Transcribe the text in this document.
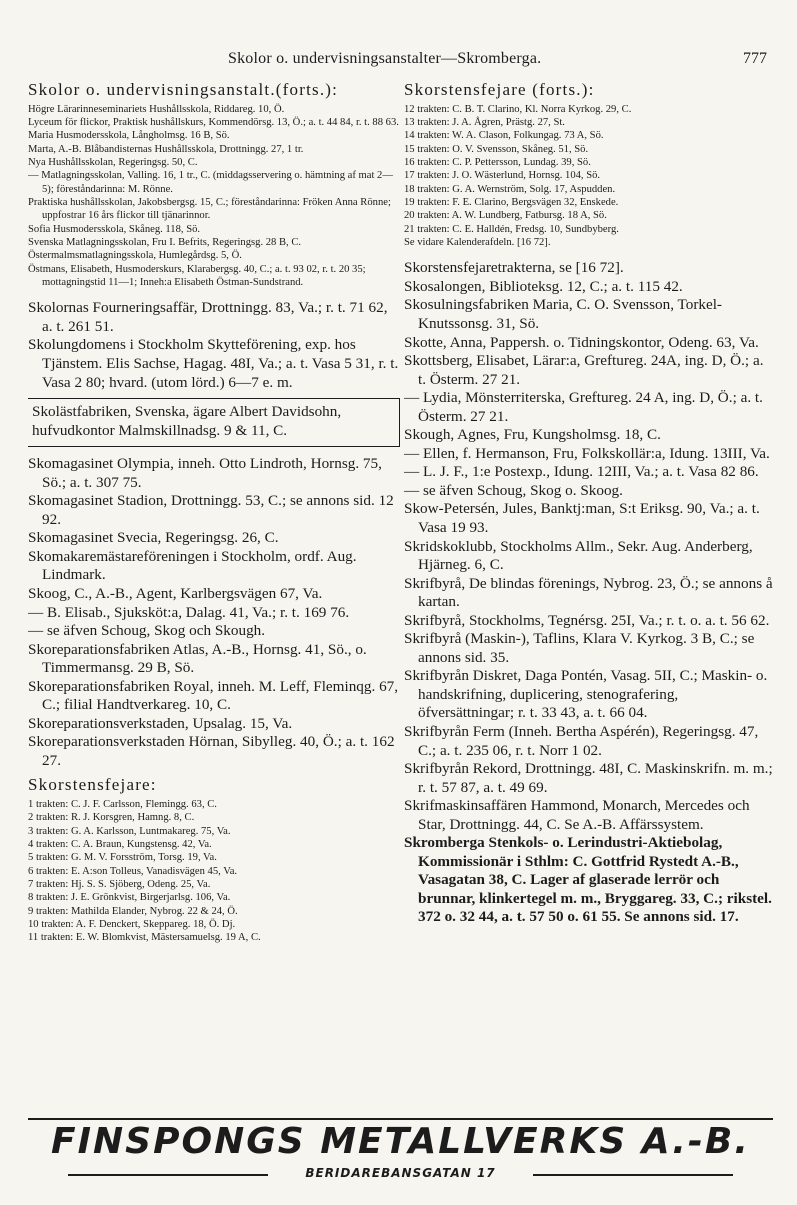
Skolor o. undervisningsanstalter—Skromberga.	777
Skolor o. undervisningsanstalt.(forts.):

Högre Lärarinneseminariets Hushållsskola, Riddareg. 10, Ö.

Lyceum för flickor, Praktisk hushållskurs, Kommendörsg. 13, Ö.; a. t. 44 84, r. t. 88 63.

Maria Husmodersskola, Långholmsg. 16 B, Sö.

Marta, A.-B. Blåbandisternas Hushållsskola, Drottningg. 27, 1 tr.

Nya Hushållsskolan, Regeringsg. 50, C.

— Matlagningsskolan, Valling. 16, 1 tr., C. (middagsservering o. hämtning af mat 2—5); föreståndarinna: M. Rönne.

Praktiska hushållsskolan, Jakobsbergsg. 15, C.; föreståndarinna: Fröken Anna Rönne; uppfostrar 16 års flickor till tjänarinnor.

Sofia Husmodersskola, Skåneg. 118, Sö.

Svenska Matlagningsskolan, Fru I. Befrits, Regeringsg. 28 B, C.

Östermalmsmatlagningsskola, Humlegårdsg. 5, Ö.

Östmans, Elisabeth, Husmoderskurs, Klarabergsg. 40, C.; a. t. 93 02, r. t. 20 35; mottagningstid 11—1; Inneh:a Elisabeth Östman-Sundstrand.

Skolornas Fourneringsaffär, Drottningg. 83, Va.; r. t. 71 62, a. t. 261 51.

Skolungdomens i Stockholm Skytteförening, exp. hos Tjänstem. Elis Sachse, Hagag. 48I, Va.; a. t. Vasa 5 31, r. t. Vasa 2 80; hvard. (utom lörd.) 6—7 e. m.

Skolästfabriken, Svenska, ägare Albert Davidsohn, hufvudkontor Malmskillnadsg. 9 & 11, C.

Skomagasinet Olympia, inneh. Otto Lindroth, Hornsg. 75, Sö.; a. t. 307 75.

Skomagasinet Stadion, Drottningg. 53, C.; se annons sid. 12 92.

Skomagasinet Svecia, Regeringsg. 26, C.

Skomakaremästareföreningen i Stockholm, ordf. Aug. Lindmark.

Skoog, C., A.-B., Agent, Karlbergsvägen 67, Va.

— B. Elisab., Sjuksköt:a, Dalag. 41, Va.; r. t. 169 76.

— se äfven Schoug, Skog och Skough.

Skoreparationsfabriken Atlas, A.-B., Hornsg. 41, Sö., o. Timmermansg. 29 B, Sö.

Skoreparationsfabriken Royal, inneh. M. Leff, Fleminqg. 67, C.; filial Handtverkareg. 10, C.

Skoreparationsverkstaden, Upsalag. 15, Va.

Skoreparationsverkstaden Hörnan, Sibylleg. 40, Ö.; a. t. 162 27.

Skorstensfejare:

1 trakten: C. J. F. Carlsson, Flemingg. 63, C.

2 trakten: R. J. Korsgren, Hamng. 8, C.

3 trakten: G. A. Karlsson, Luntmakareg. 75, Va.

4 trakten: C. A. Braun, Kungstensg. 42, Va.

5 trakten: G. M. V. Forsström, Torsg. 19, Va.

6 trakten: E. A:son Tolleus, Vanadisvägen 45, Va.

7 trakten: Hj. S. S. Sjöberg, Odeng. 25, Va.

8 trakten: J. E. Grönkvist, Birgerjarlsg. 106, Va.

9 trakten: Mathilda Elander, Nybrog. 22 & 24, Ö.

10 trakten: A. F. Denckert, Skeppareg. 18, Ö. Dj.

11 trakten: E. W. Blomkvist, Mästersamuelsg. 19 A, C.

Skorstensfejare (forts.):

12 trakten: C. B. T. Clarino, Kl. Norra Kyrkog. 29, C.

13 trakten: J. A. Ågren, Prästg. 27, St.

14 trakten: W. A. Clason, Folkungag. 73 A, Sö.

15 trakten: O. V. Svensson, Skåneg. 51, Sö.

16 trakten: C. P. Pettersson, Lundag. 39, Sö.

17 trakten: J. O. Wästerlund, Hornsg. 104, Sö.

18 trakten: G. A. Wernström, Solg. 17, Aspudden.

19 trakten: F. E. Clarino, Bergsvägen 32, Enskede.

20 trakten: A. W. Lundberg, Fatbursg. 18 A, Sö.

21 trakten: C. E. Halldén, Fredsg. 10, Sundbyberg.

Se vidare Kalenderafdeln. [16 72].

Skorstensfejaretrakterna, se [16 72].

Skosalongen, Biblioteksg. 12, C.; a. t. 115 42.

Skosulningsfabriken Maria, C. O. Svensson, Torkel-Knutssonsg. 31, Sö.

Skotte, Anna, Pappersh. o. Tidningskontor, Odeng. 63, Va.

Skottsberg, Elisabet, Lärar:a, Greftureg. 24A, ing. D, Ö.; a. t. Österm. 27 21.

— Lydia, Mönsterriterska, Greftureg. 24 A, ing. D, Ö.; a. t. Österm. 27 21.

Skough, Agnes, Fru, Kungsholmsg. 18, C.

— Ellen, f. Hermanson, Fru, Folkskollär:a, Idung. 13III, Va.

— L. J. F., 1:e Postexp., Idung. 12III, Va.; a. t. Vasa 82 86.

— se äfven Schoug, Skog o. Skoog.

Skow-Petersén, Jules, Banktj:man, S:t Eriksg. 90, Va.; a. t. Vasa 19 93.

Skridskoklubb, Stockholms Allm., Sekr. Aug. Anderberg, Hjärneg. 6, C.

Skrifbyrå, De blindas förenings, Nybrog. 23, Ö.; se annons å kartan.

Skrifbyrå, Stockholms, Tegnérsg. 25I, Va.; r. t. o. a. t. 56 62.

Skrifbyrå (Maskin-), Taflins, Klara V. Kyrkog. 3 B, C.; se annons sid. 35.

Skrifbyrån Diskret, Daga Pontén, Vasag. 5II, C.; Maskin- o. handskrifning, duplicering, stenografering, öfversättningar; r. t. 33 43, a. t. 66 04.

Skrifbyrån Ferm (Inneh. Bertha Aspérén), Regeringsg. 47, C.; a. t. 235 06, r. t. Norr 1 02.

Skrifbyrån Rekord, Drottningg. 48I, C. Maskinskrifn. m. m.; r. t. 57 87, a. t. 49 69.

Skrifmaskinsaffären Hammond, Monarch, Mercedes och Star, Drottningg. 44, C. Se A.-B. Affärssystem.

Skromberga Stenkols- o. Lerindustri-Aktiebolag, Kommissionär i Sthlm: C. Gottfrid Rystedt A.-B., Vasagatan 38, C. Lager af glaserade lerrör och brunnar, klinkertegel m. m., Bryggareg. 33, C.; rikstel. 372 o. 32 44, a. t. 57 50 o. 61 55. Se annons sid. 17.

FINSPONGS METALLVERKS A.-B.
BERIDAREBANSGATAN 17
